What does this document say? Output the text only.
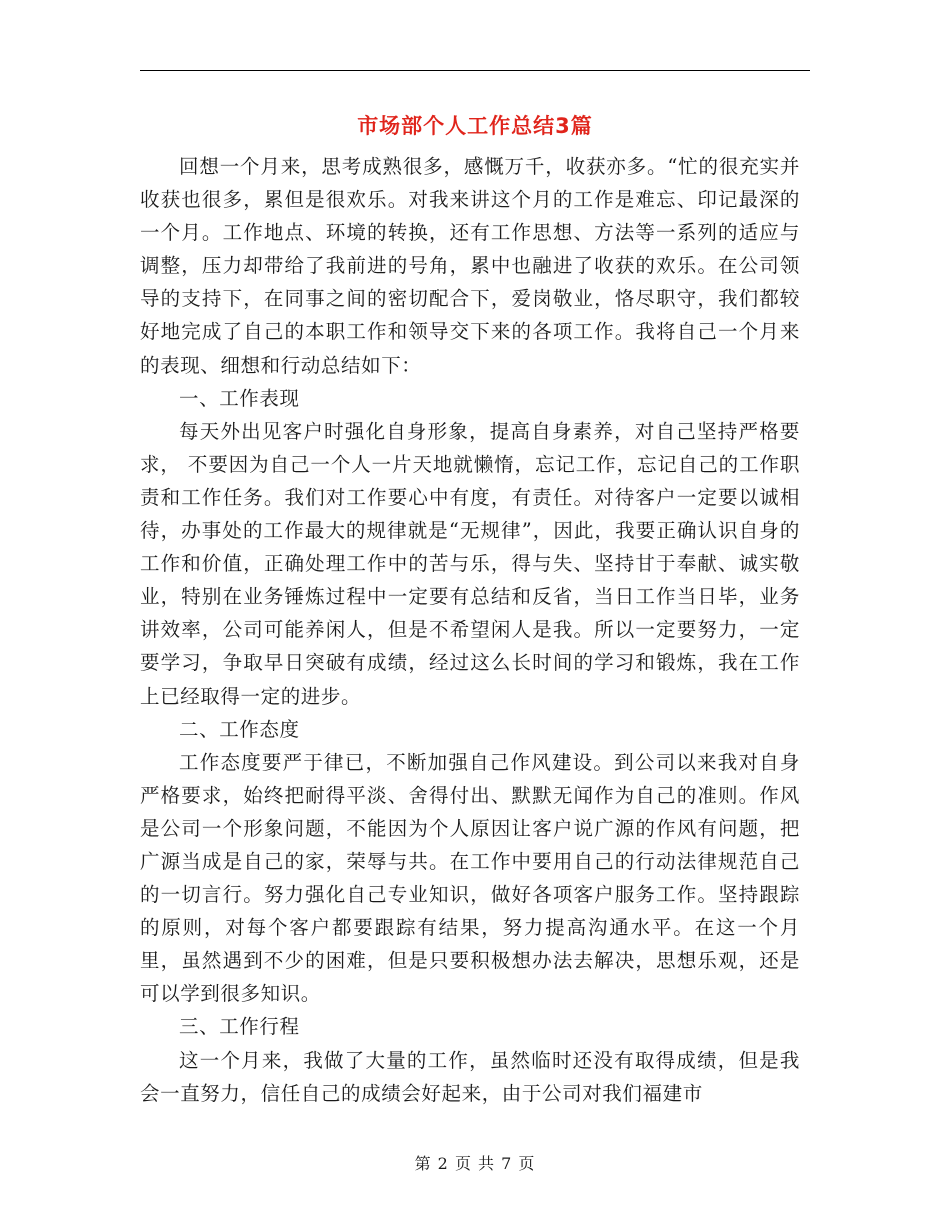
市场部个人工作总结3篇

回想一个月来，思考成熟很多，感慨万千，收获亦多。“忙的很充实并收获也很多，累但是很欢乐。对我来讲这个月的工作是难忘、印记最深的一个月。工作地点、环境的转换，还有工作思想、方法等一系列的适应与调整，压力却带给了我前进的号角，累中也融进了收获的欢乐。在公司领导的支持下，在同事之间的密切配合下，爱岗敬业，恪尽职守，我们都较好地完成了自己的本职工作和领导交下来的各项工作。我将自己一个月来的表现、细想和行动总结如下：

一、工作表现

每天外出见客户时强化自身形象，提高自身素养，对自己坚持严格要求， 不要因为自己一个人一片天地就懒惰，忘记工作，忘记自己的工作职责和工作任务。我们对工作要心中有度，有责任。对待客户一定要以诚相待，办事处的工作最大的规律就是“无规律”，因此，我要正确认识自身的工作和价值，正确处理工作中的苦与乐，得与失、坚持甘于奉献、诚实敬业，特别在业务锤炼过程中一定要有总结和反省，当日工作当日毕，业务讲效率，公司可能养闲人，但是不希望闲人是我。所以一定要努力，一定要学习，争取早日突破有成绩，经过这么长时间的学习和锻炼，我在工作上已经取得一定的进步。

二、工作态度

工作态度要严于律已，不断加强自己作风建设。到公司以来我对自身严格要求，始终把耐得平淡、舍得付出、默默无闻作为自己的准则。作风是公司一个形象问题，不能因为个人原因让客户说广源的作风有问题，把广源当成是自己的家，荣辱与共。在工作中要用自己的行动法律规范自己的一切言行。努力强化自己专业知识，做好各项客户服务工作。坚持跟踪的原则，对每个客户都要跟踪有结果，努力提高沟通水平。在这一个月里，虽然遇到不少的困难，但是只要积极想办法去解决，思想乐观，还是可以学到很多知识。

三、工作行程

这一个月来，我做了大量的工作，虽然临时还没有取得成绩，但是我会一直努力，信任自己的成绩会好起来，由于公司对我们福建市

第 2 页 共 7 页
